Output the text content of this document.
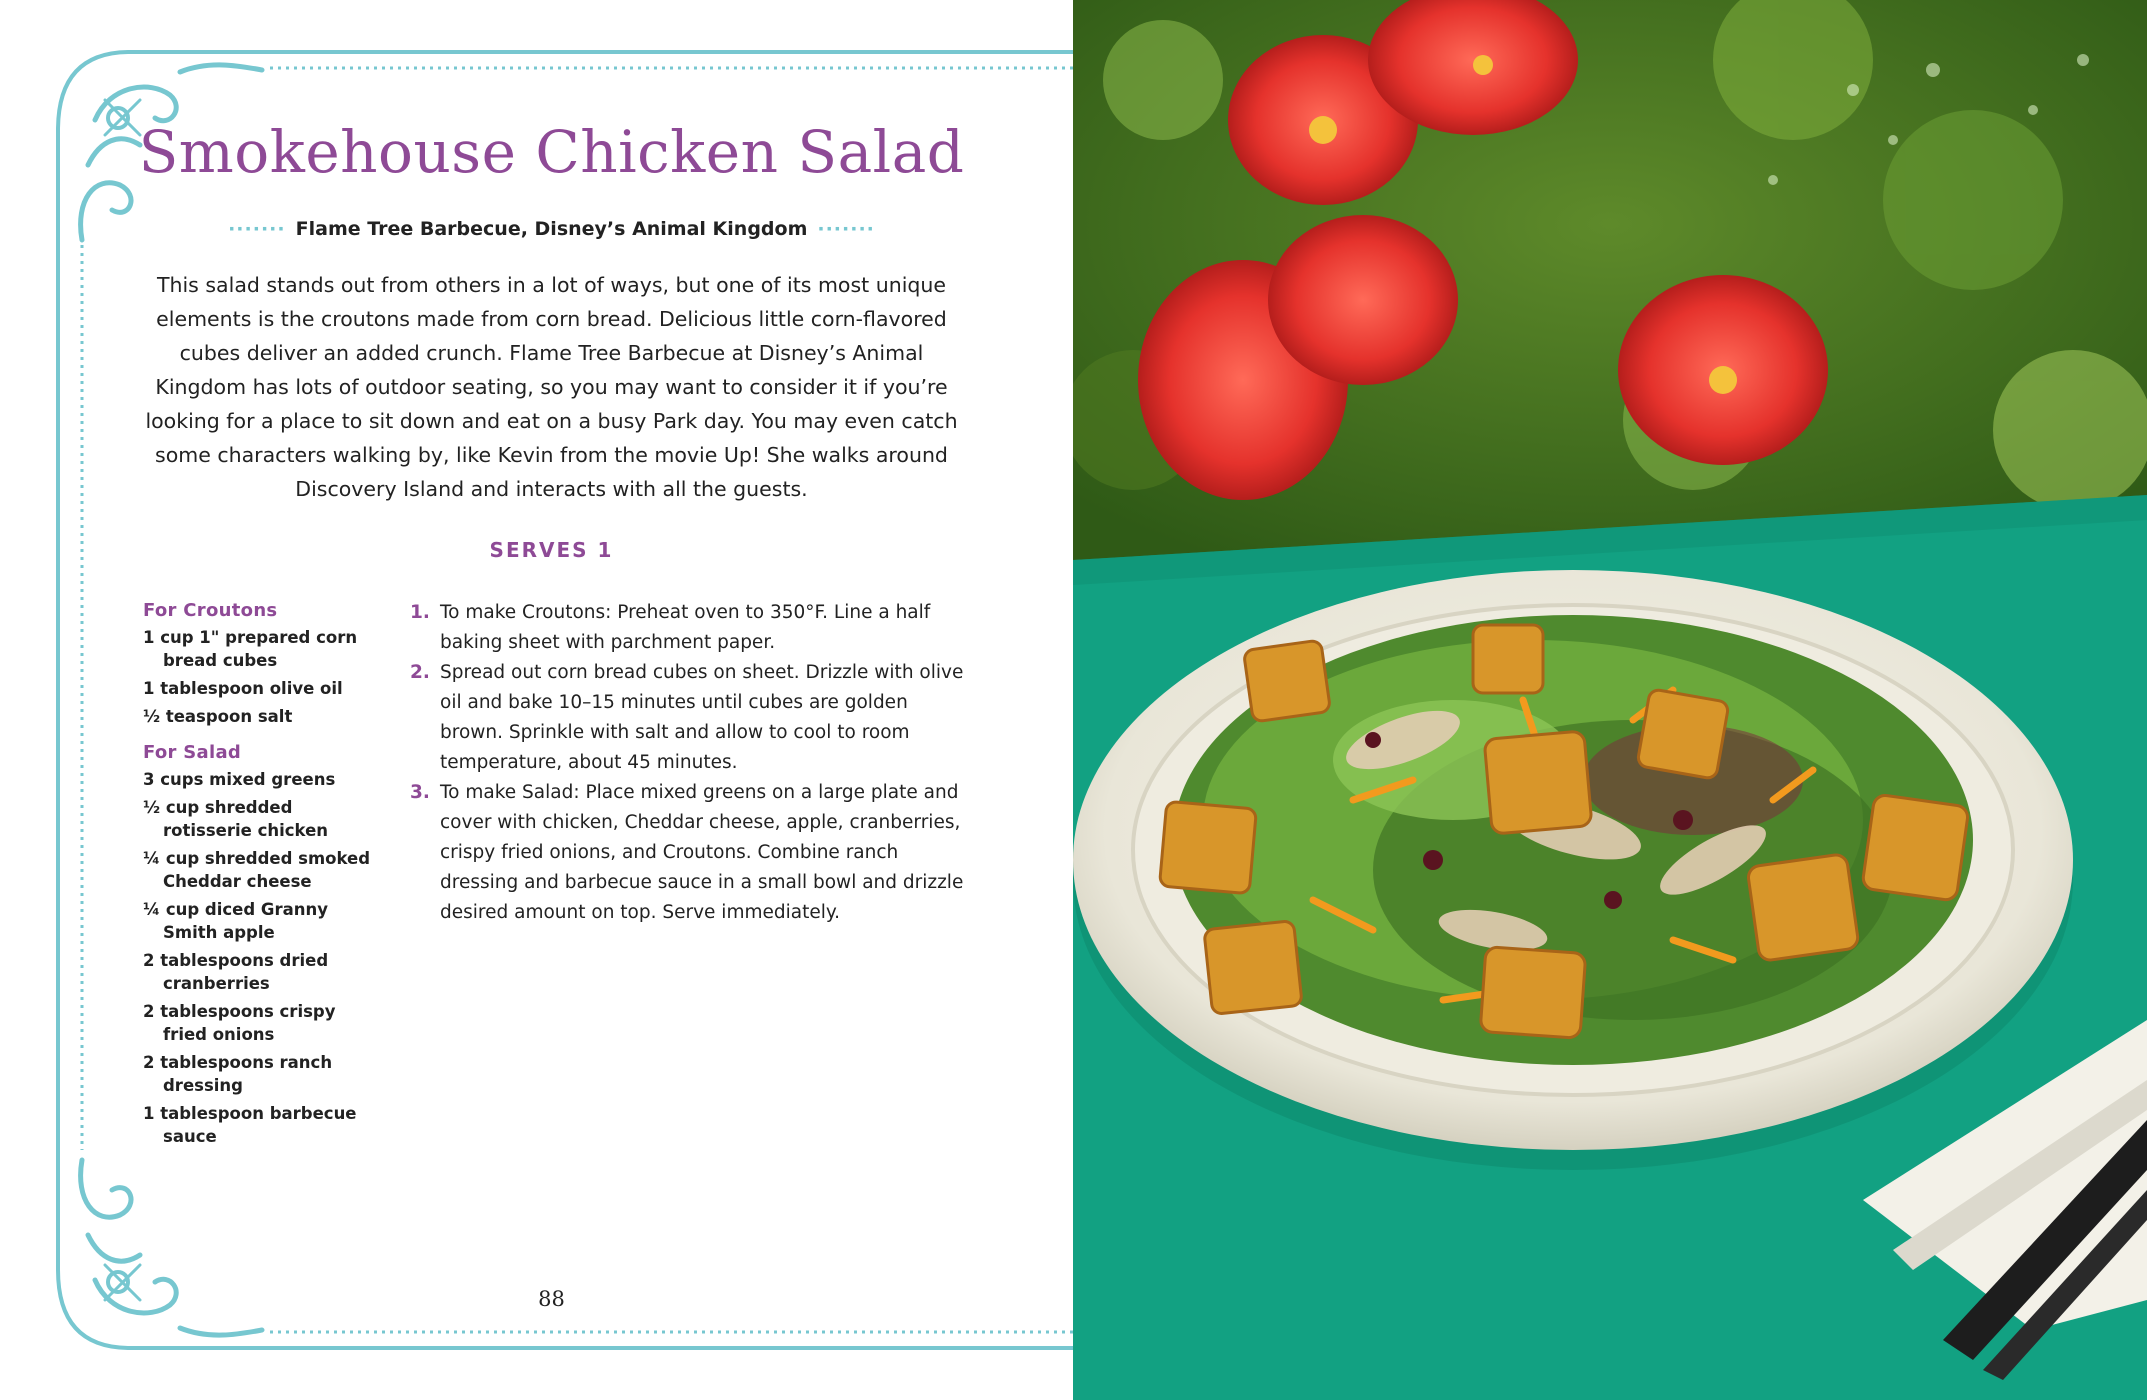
Smokehouse Chicken Salad
······· Flame Tree Barbecue, Disney’s Animal Kingdom ·······

This salad stands out from others in a lot of ways, but one of its most unique elements is the croutons made from corn bread. Delicious little corn-flavored cubes deliver an added crunch. Flame Tree Barbecue at Disney’s Animal Kingdom has lots of outdoor seating, so you may want to consider it if you’re looking for a place to sit down and eat on a busy Park day. You may even catch some characters walking by, like Kevin from the movie Up! She walks around Discovery Island and interacts with all the guests.

SERVES 1
For Croutons
1 cup 1" prepared corn bread cubes
1 tablespoon olive oil
½ teaspoon salt
For Salad
3 cups mixed greens
½ cup shredded rotisserie chicken
¼ cup shredded smoked Cheddar cheese
¼ cup diced Granny Smith apple
2 tablespoons dried cranberries
2 tablespoons crispy fried onions
2 tablespoons ranch dressing
1 tablespoon barbecue sauce
1. To make Croutons: Preheat oven to 350°F. Line a half baking sheet with parchment paper.
2. Spread out corn bread cubes on sheet. Drizzle with olive oil and bake 10–15 minutes until cubes are golden brown. Sprinkle with salt and allow to cool to room temperature, about 45 minutes.
3. To make Salad: Place mixed greens on a large plate and cover with chicken, Cheddar cheese, apple, cranberries, crispy fried onions, and Croutons. Combine ranch dressing and barbecue sauce in a small bowl and drizzle desired amount on top. Serve immediately.
88
